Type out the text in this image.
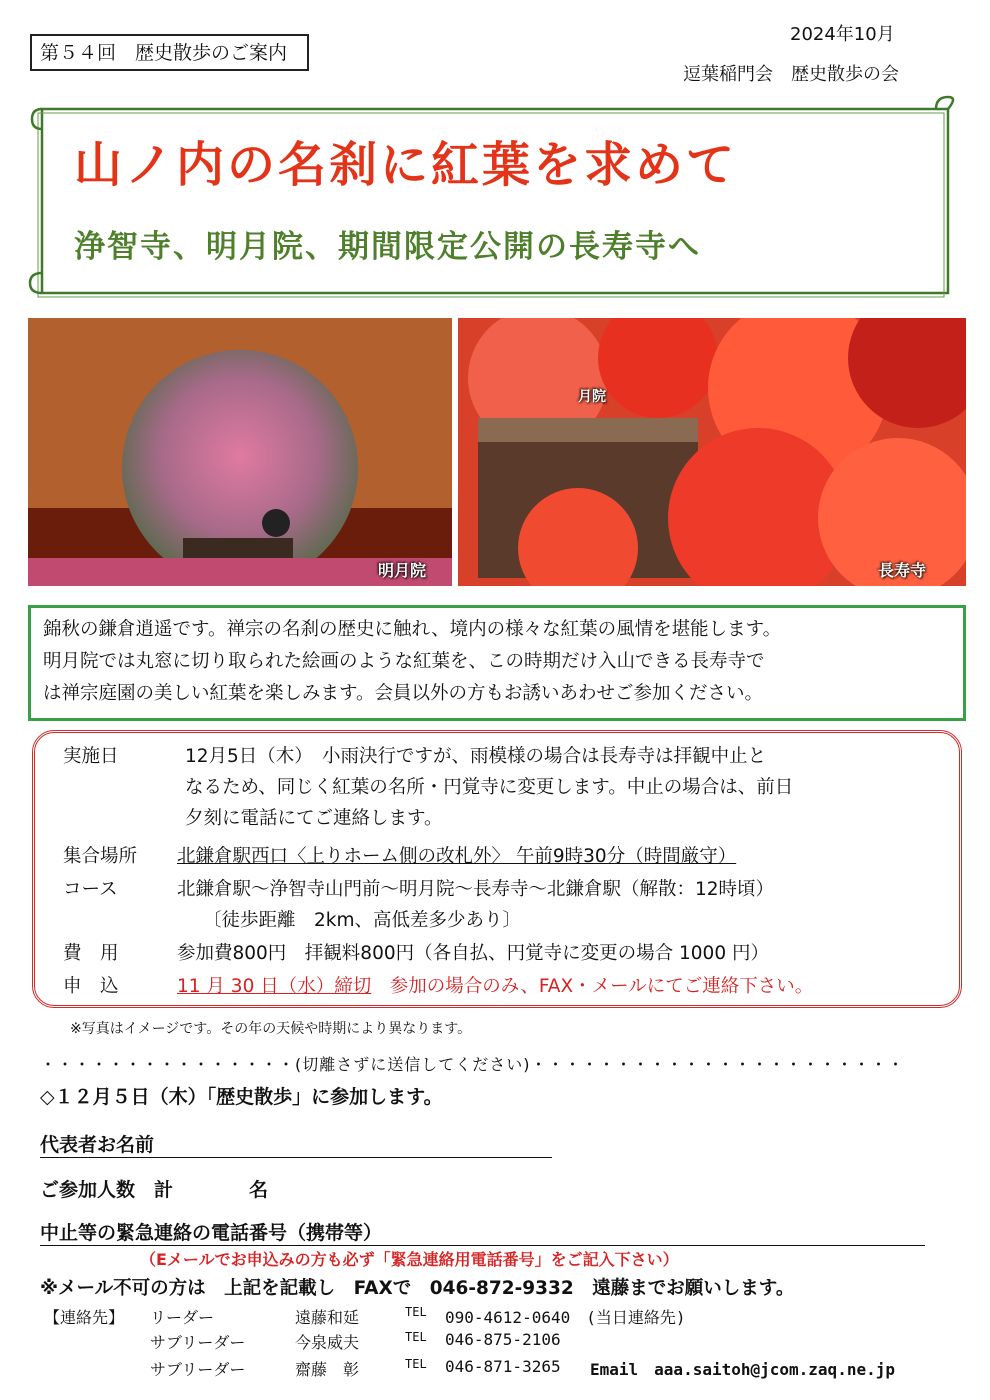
第５４回　歴史散歩のご案内
2024年10月
逗葉稲門会　歴史散歩の会
山ノ内の名刹に紅葉を求めて
浄智寺、明月院、期間限定公開の長寿寺へ
明月院
月院
長寿寺
錦秋の鎌倉逍遥です。禅宗の名刹の歴史に触れ、境内の様々な紅葉の風情を堪能します。
明月院では丸窓に切り取られた絵画のような紅葉を、この時期だけ入山できる長寿寺で
は禅宗庭園の美しい紅葉を楽しみます。会員以外の方もお誘いあわせご参加ください。
実施日	12月5日（木）　小雨決行ですが、雨模様の場合は長寿寺は拝観中止と
なるため、同じく紅葉の名所・円覚寺に変更します。中止の場合は、前日
夕刻に電話にてご連絡します。
集合場所 北鎌倉駅西口〈上りホーム側の改札外〉 午前9時30分（時間厳守）
コース	北鎌倉駅～浄智寺山門前～明月院～長寿寺～北鎌倉駅（解散：12時頃）
〔徒歩距離　2km、高低差多少あり〕
費　用	参加費800円　拝観料800円（各自払、円覚寺に変更の場合 1000 円）
申　込	11 月 30 日（水）締切　参加の場合のみ、FAX・メールにてご連絡下さい。
※写真はイメージです。その年の天候や時期により異なります。
・・・・・・・・・・・・・・・(切離さずに送信してください)・・・・・・・・・・・・・・・・・・・・・・
◇１２月５日（木）「歴史散歩」に参加します。
代表者お名前
ご参加人数　計　　　　名
中止等の緊急連絡の電話番号（携帯等）
（Eメールでお申込みの方も必ず「緊急連絡用電話番号」をご記入下さい）
※メール不可の方は　上記を記載し　FAXで　046-872-9332　遠藤までお願いします。
【連絡先】 リーダー	遠藤和延	TEL 090-4612-0640　(当日連絡先)
サブリーダー	今泉威夫	TEL 046-875-2106
サブリーダー	齋藤　彰	TEL 046-871-3265 Email　aaa.saitoh@jcom.zaq.ne.jp
